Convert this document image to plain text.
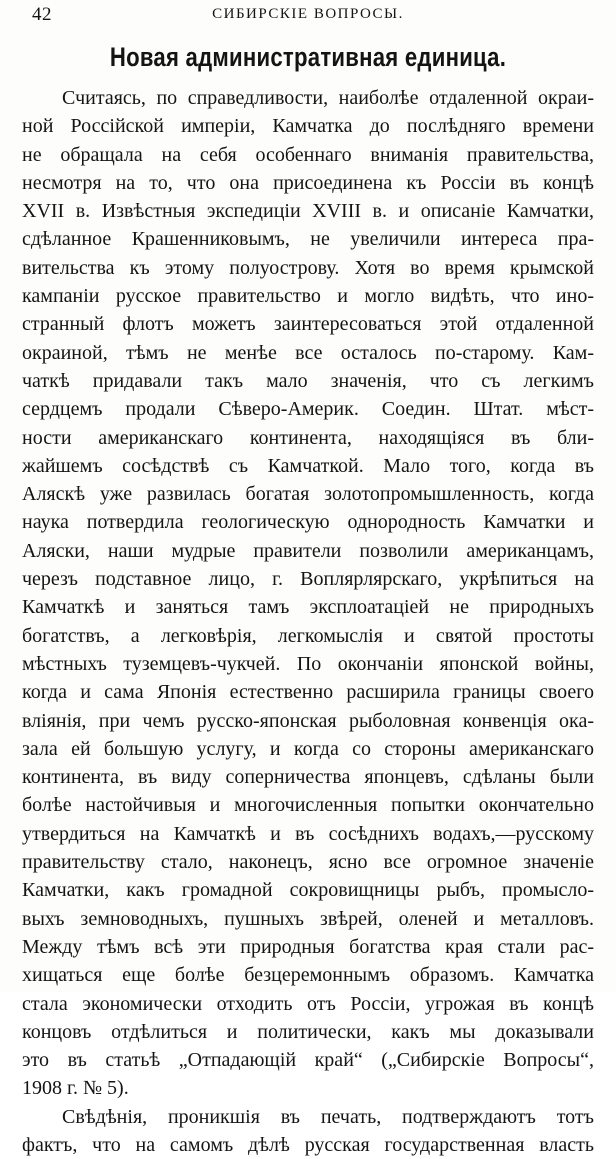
42	СИБИРСКІЕ ВОПРОСЫ.
Новая административная единица.
Считаясь, по справедливости, наиболѣе отдаленной окраи-
ной Россійской имперіи, Камчатка до послѣдняго времени
не обращала на себя особеннаго вниманія правительства,
несмотря на то, что она присоединена къ Россіи въ концѣ
XVII в. Извѣстныя экспедиціи XVIII в. и описаніе Камчатки,
сдѣланное Крашенниковымъ, не увеличили интереса пра-
вительства къ этому полуострову. Хотя во время крымской
кампаніи русское правительство и могло видѣть, что ино-
странный флотъ можетъ заинтересоваться этой отдаленной
окраиной, тѣмъ не менѣе все осталось по-старому. Кам-
чаткѣ придавали такъ мало значенія, что съ легкимъ
сердцемъ продали Сѣверо-Америк. Соедин. Штат. мѣст-
ности американскаго континента, находящіяся въ бли-
жайшемъ сосѣдствѣ съ Камчаткой. Мало того, когда въ
Аляскѣ уже развилась богатая золотопромышленность, когда
наука потвердила геологическую однородность Камчатки и
Аляски, наши мудрые правители позволили американцамъ,
черезъ подставное лицо, г. Воплярлярскаго, укрѣпиться на
Камчаткѣ и заняться тамъ эксплоатаціей не природныхъ
богатствъ, а легковѣрія, легкомыслія и святой простоты
мѣстныхъ туземцевъ-чукчей. По окончаніи японской войны,
когда и сама Японія естественно расширила границы своего
вліянія, при чемъ русско-японская рыболовная конвенція ока-
зала ей большую услугу, и когда со стороны американскаго
континента, въ виду соперничества японцевъ, сдѣланы были
болѣе настойчивыя и многочисленныя попытки окончательно
утвердиться на Камчаткѣ и въ сосѣднихъ водахъ,—русскому
правительству стало, наконецъ, ясно все огромное значеніе
Камчатки, какъ громадной сокровищницы рыбъ, промысло-
выхъ земноводныхъ, пушныхъ звѣрей, оленей и металловъ.
Между тѣмъ всѣ эти природныя богатства края стали рас-
хищаться еще болѣе безцеремоннымъ образомъ. Камчатка
стала экономически отходить отъ Россіи, угрожая въ концѣ
концовъ отдѣлиться и политически, какъ мы доказывали
это въ статьѣ „Отпадающій край“ („Сибирскіе Вопросы“,
1908 г. № 5).
Свѣдѣнія, проникшія въ печать, подтверждаютъ тотъ
фактъ, что на самомъ дѣлѣ русская государственная власть
